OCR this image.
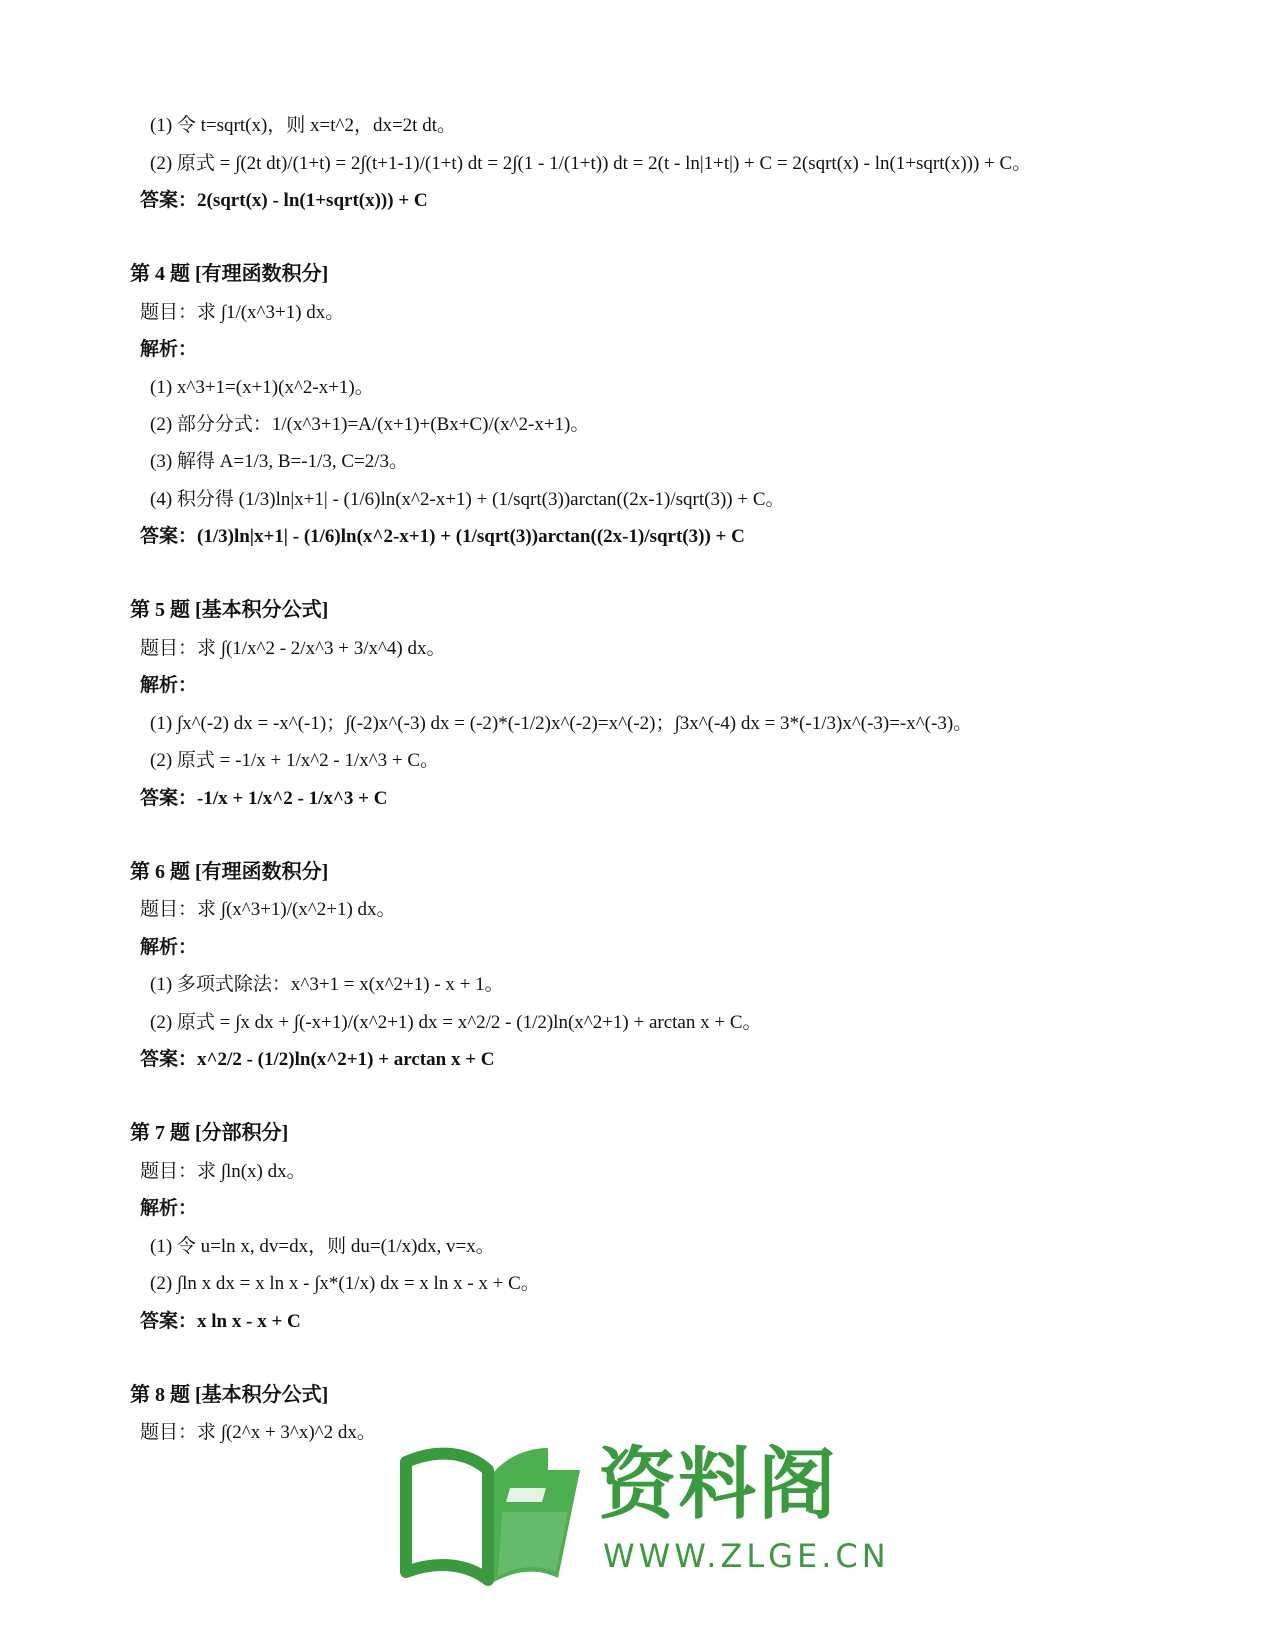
(1) 令 t=sqrt(x)，则 x=t^2，dx=2t dt。
(2) 原式 = ∫(2t dt)/(1+t) = 2∫(t+1-1)/(1+t) dt = 2∫(1 - 1/(1+t)) dt = 2(t - ln|1+t|) + C = 2(sqrt(x) - ln(1+sqrt(x))) + C。
答案：2(sqrt(x) - ln(1+sqrt(x))) + C
第 4 题 [有理函数积分]
题目：求 ∫1/(x^3+1) dx。
解析：
(1) x^3+1=(x+1)(x^2-x+1)。
(2) 部分分式：1/(x^3+1)=A/(x+1)+(Bx+C)/(x^2-x+1)。
(3) 解得 A=1/3, B=-1/3, C=2/3。
(4) 积分得 (1/3)ln|x+1| - (1/6)ln(x^2-x+1) + (1/sqrt(3))arctan((2x-1)/sqrt(3)) + C。
答案：(1/3)ln|x+1| - (1/6)ln(x^2-x+1) + (1/sqrt(3))arctan((2x-1)/sqrt(3)) + C
第 5 题 [基本积分公式]
题目：求 ∫(1/x^2 - 2/x^3 + 3/x^4) dx。
解析：
(1) ∫x^(-2) dx = -x^(-1)；∫(-2)x^(-3) dx = (-2)*(-1/2)x^(-2)=x^(-2)；∫3x^(-4) dx = 3*(-1/3)x^(-3)=-x^(-3)。
(2) 原式 = -1/x + 1/x^2 - 1/x^3 + C。
答案：-1/x + 1/x^2 - 1/x^3 + C
第 6 题 [有理函数积分]
题目：求 ∫(x^3+1)/(x^2+1) dx。
解析：
(1) 多项式除法：x^3+1 = x(x^2+1) - x + 1。
(2) 原式 = ∫x dx + ∫(-x+1)/(x^2+1) dx = x^2/2 - (1/2)ln(x^2+1) + arctan x + C。
答案：x^2/2 - (1/2)ln(x^2+1) + arctan x + C
第 7 题 [分部积分]
题目：求 ∫ln(x) dx。
解析：
(1) 令 u=ln x, dv=dx，则 du=(1/x)dx, v=x。
(2) ∫ln x dx = x ln x - ∫x*(1/x) dx = x ln x - x + C。
答案：x ln x - x + C
第 8 题 [基本积分公式]
题目：求 ∫(2^x + 3^x)^2 dx。
资料阁
WWW.ZLGE.CN
